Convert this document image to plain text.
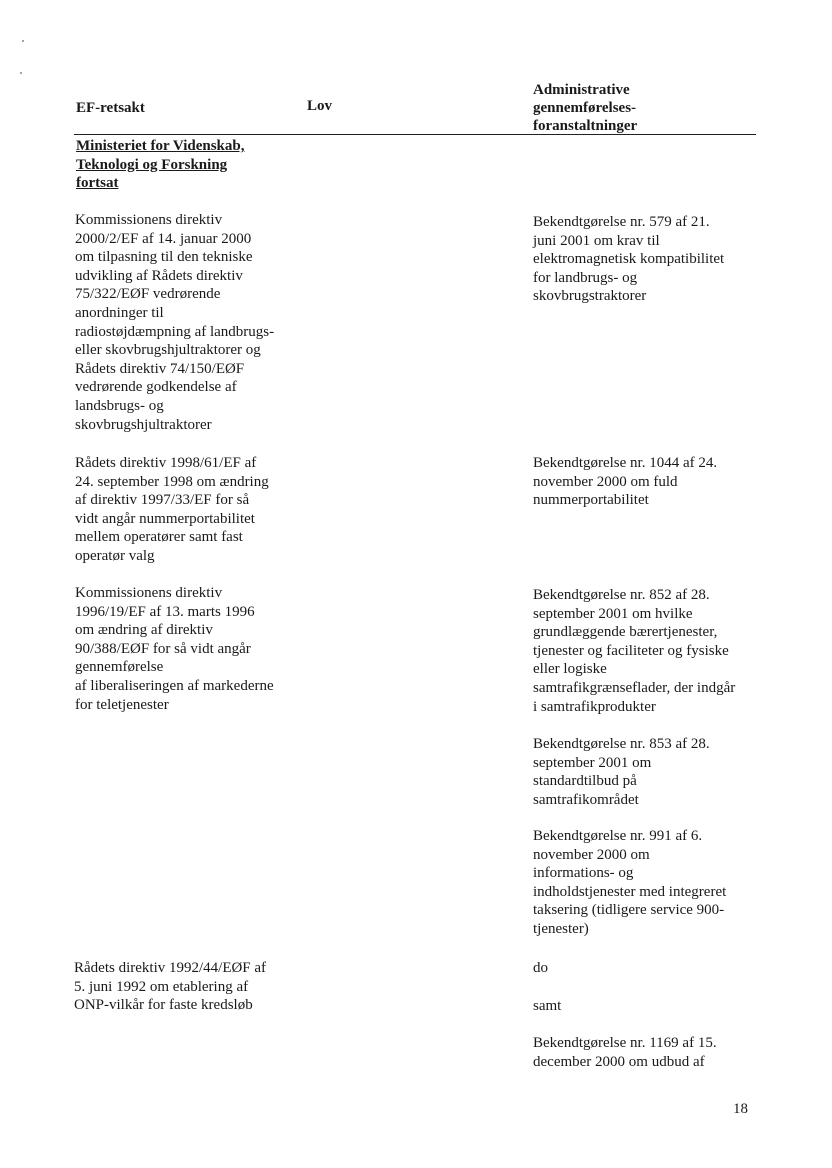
EF-retsakt	Lov
Administrative
gennemførelses-
foranstaltninger
Ministeriet for Videnskab,
Teknologi og Forskning
fortsat
Kommissionens direktiv
2000/2/EF af 14. januar 2000
om tilpasning til den tekniske
udvikling af Rådets direktiv
75/322/EØF vedrørende
anordninger til
radiostøjdæmpning af landbrugs-
eller skovbrugshjultraktorer og
Rådets direktiv 74/150/EØF
vedrørende godkendelse af
landsbrugs- og
skovbrugshjultraktorer
Bekendtgørelse nr. 579 af 21.
juni 2001 om krav til
elektromagnetisk kompatibilitet
for landbrugs- og
skovbrugstraktorer
Rådets direktiv 1998/61/EF af
24. september 1998 om ændring
af direktiv 1997/33/EF for så
vidt angår nummerportabilitet
mellem operatører samt fast
operatør valg
Bekendtgørelse nr. 1044 af 24.
november 2000 om fuld
nummerportabilitet
Kommissionens direktiv
1996/19/EF af 13. marts 1996
om ændring af direktiv
90/388/EØF for så vidt angår
gennemførelse
af liberaliseringen af markederne
for teletjenester
Bekendtgørelse nr. 852 af 28.
september 2001 om hvilke
grundlæggende bærertjenester,
tjenester og faciliteter og fysiske
eller logiske
samtrafikgrænseflader, der indgår
i samtrafikprodukter
Bekendtgørelse nr. 853 af 28.
september 2001 om
standardtilbud på
samtrafikområdet
Bekendtgørelse nr. 991 af 6.
november 2000 om
informations- og
indholdstjenester med integreret
taksering (tidligere service 900-
tjenester)
Rådets direktiv 1992/44/EØF af
5. juni 1992 om etablering af
ONP-vilkår for faste kredsløb
do
samt
Bekendtgørelse nr. 1169 af 15.
december 2000 om udbud af
18
